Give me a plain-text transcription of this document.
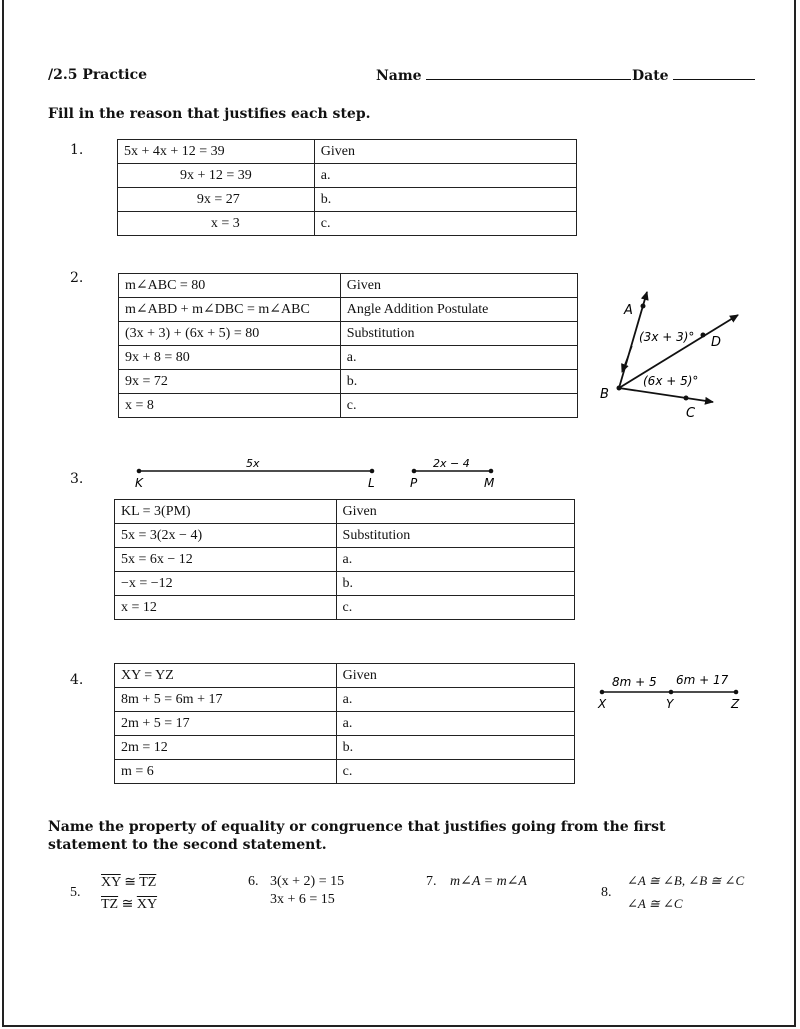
/2.5 Practice	Name	Date
Fill in the reason that justifies each step.
1.	5x + 4x + 12 = 39	Given
9x + 12 = 39	a.
9x = 27	b.
x = 3	c.
2.	m∠ABC = 80	Given
m∠ABD + m∠DBC = m∠ABC	Angle Addition Postulate
(3x + 3) + (6x + 5) = 80	Substitution
9x + 8 = 80	a.
9x = 72	b.
x = 8	c.
A
D
B
C
(3x + 3)°
(6x + 5)°
3.
5x
K	L
2x − 4
P	M
KL = 3(PM)	Given
5x = 3(2x − 4)	Substitution
5x = 6x − 12	a.
−x = −12	b.
x = 12	c.
4.	XY = YZ	Given
8m + 5 = 6m + 17	a.
2m + 5 = 17	a.
2m = 12	b.
m = 6	c.
8m + 5 6m + 17
X	Y	Z
Name the property of equality or congruence that justifies going from the first statement to the second statement.
5.
$\overline{XY}$ ≅ $\overline{TZ}$
$\overline{TZ}$ ≅ $\overline{XY}$
6. 3(x + 2) = 15
3x + 6 = 15
7. m∠A = m∠A
8.
∠A ≅ ∠B, ∠B ≅ ∠C
∠A ≅ ∠C
